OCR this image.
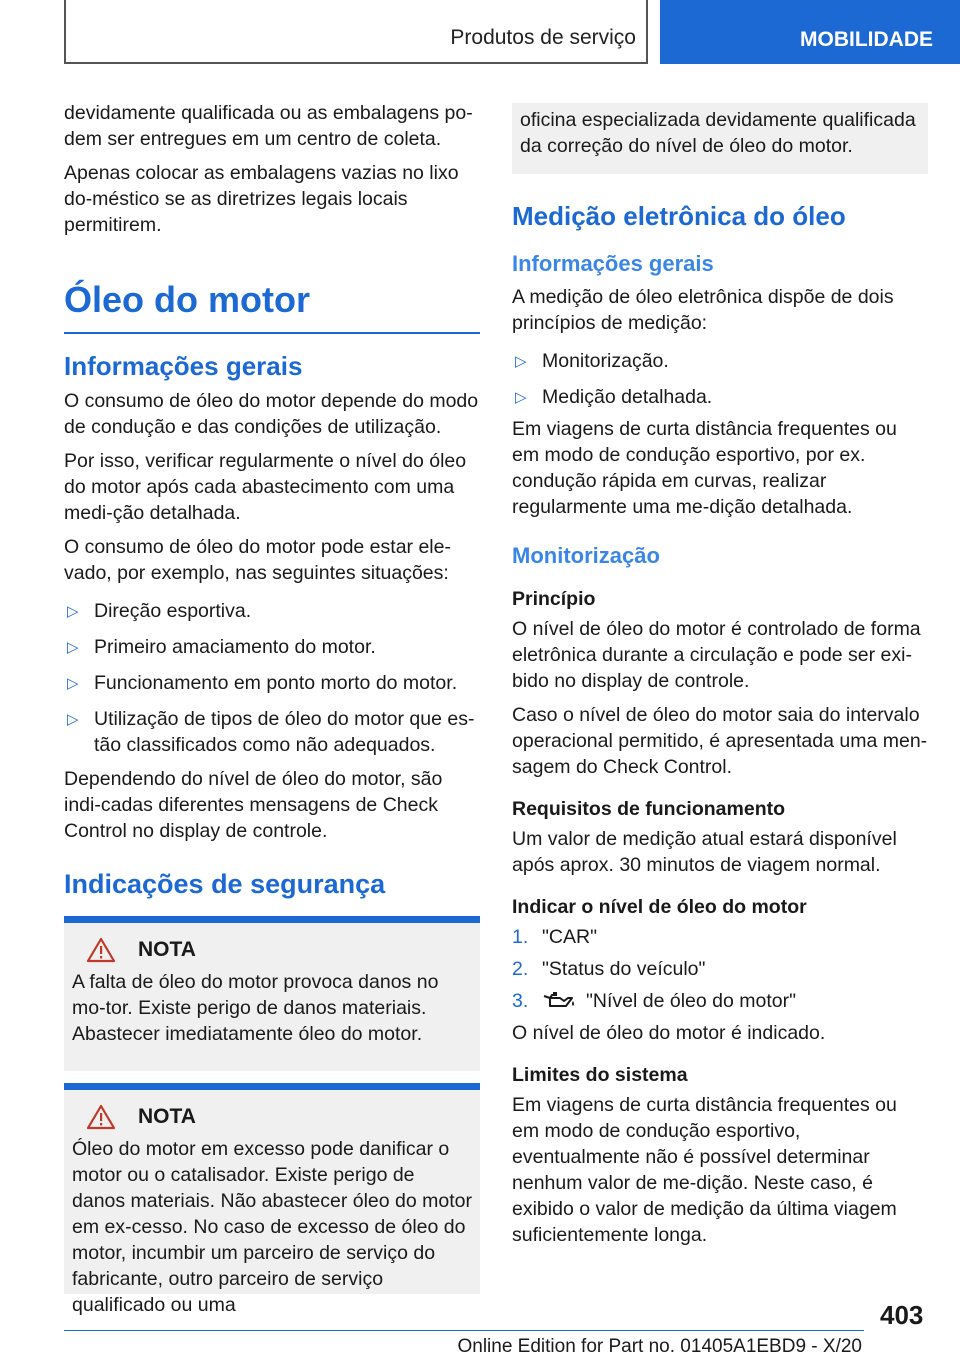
Produtos de serviço	MOBILIDADE

devidamente qualificada ou as embalagens po-dem ser entregues em um centro de coleta.

Apenas colocar as embalagens vazias no lixo do-méstico se as diretrizes legais locais permitirem.

Óleo do motor
Informações gerais

O consumo de óleo do motor depende do modo de condução e das condições de utilização.

Por isso, verificar regularmente o nível do óleo do motor após cada abastecimento com uma medi-ção detalhada.

O consumo de óleo do motor pode estar ele-vado, por exemplo, nas seguintes situações:

▷ Direção esportiva.
▷ Primeiro amaciamento do motor.
▷ Funcionamento em ponto morto do motor.
▷ Utilização de tipos de óleo do motor que es-tão classificados como não adequados.

Dependendo do nível de óleo do motor, são indi-cadas diferentes mensagens de Check Control no display de controle.

Indicações de segurança
NOTA

A falta de óleo do motor provoca danos no mo-tor. Existe perigo de danos materiais. Abastecer imediatamente óleo do motor.

NOTA

Óleo do motor em excesso pode danificar o motor ou o catalisador. Existe perigo de danos materiais. Não abastecer óleo do motor em ex-cesso. No caso de excesso de óleo do motor, incumbir um parceiro de serviço do fabricante, outro parceiro de serviço qualificado ou uma

oficina especializada devidamente qualificada da correção do nível de óleo do motor.

Medição eletrônica do óleo
Informações gerais

A medição de óleo eletrônica dispõe de dois princípios de medição:

▷ Monitorização.
▷ Medição detalhada.

Em viagens de curta distância frequentes ou em modo de condução esportivo, por ex. condução rápida em curvas, realizar regularmente uma me-dição detalhada.

Monitorização
Princípio

O nível de óleo do motor é controlado de forma eletrônica durante a circulação e pode ser exi-bido no display de controle.

Caso o nível de óleo do motor saia do intervalo operacional permitido, é apresentada uma men-sagem do Check Control.

Requisitos de funcionamento

Um valor de medição atual estará disponível após aprox. 30 minutos de viagem normal.

Indicar o nível de óleo do motor
1. "CAR"
2. "Status do veículo"
3.	"Nível de óleo do motor"

O nível de óleo do motor é indicado.

Limites do sistema

Em viagens de curta distância frequentes ou em modo de condução esportivo, eventualmente não é possível determinar nenhum valor de me-dição. Neste caso, é exibido o valor de medição da última viagem suficientemente longa.

403
Online Edition for Part no. 01405A1EBD9 - X/20
